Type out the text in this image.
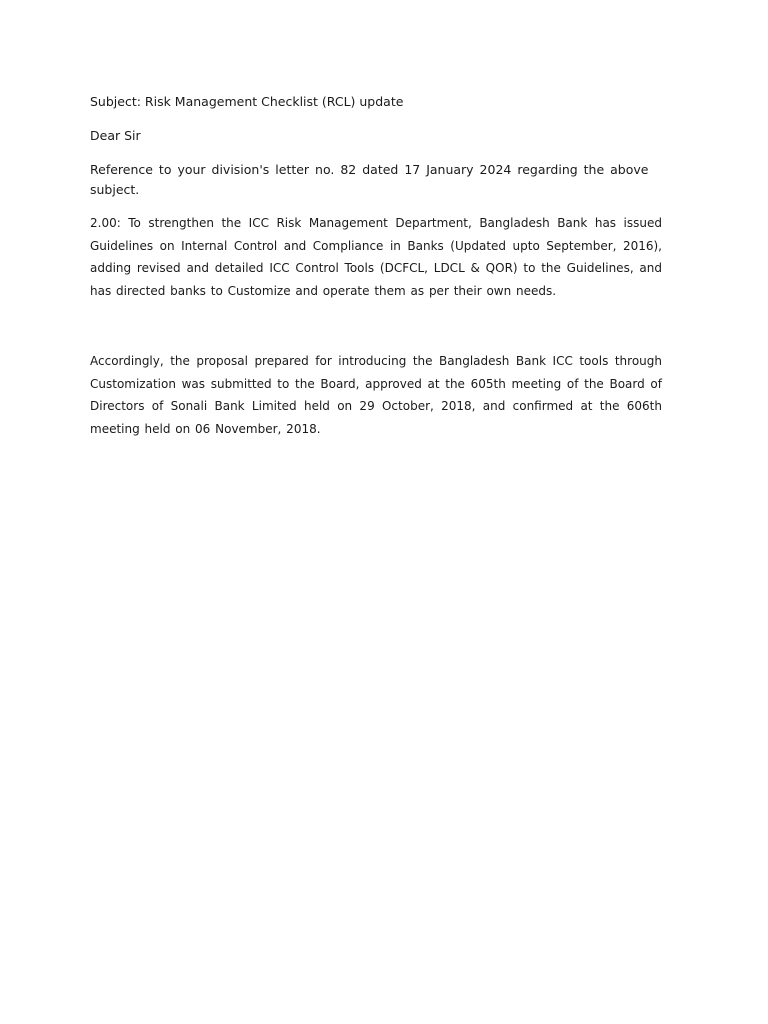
Subject: Risk Management Checklist (RCL) update

Dear Sir

Reference to your division's letter no. 82 dated 17 January 2024 regarding the above subject.

2.00: To strengthen the ICC Risk Management Department, Bangladesh Bank has issued Guidelines on Internal Control and Compliance in Banks (Updated upto September, 2016), adding revised and detailed ICC Control Tools (DCFCL, LDCL & QOR) to the Guidelines, and has directed banks to Customize and operate them as per their own needs.

Accordingly, the proposal prepared for introducing the Bangladesh Bank ICC tools through Customization was submitted to the Board, approved at the 605th meeting of the Board of Directors of Sonali Bank Limited held on 29 October, 2018, and confirmed at the 606th meeting held on 06 November, 2018.
